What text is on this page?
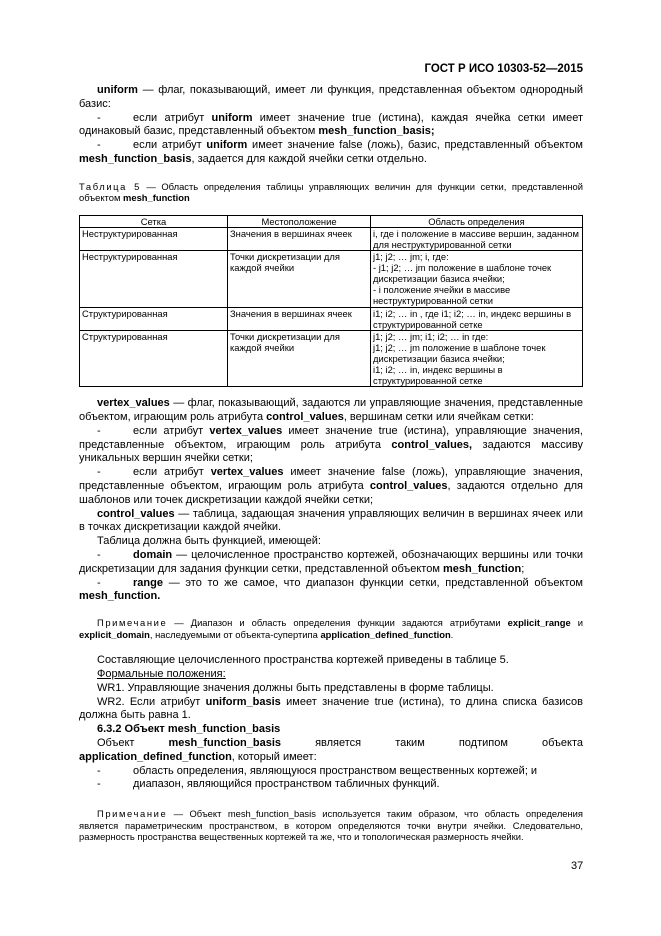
ГОСТ Р ИСО 10303-52—2015

uniform — флаг, показывающий, имеет ли функция, представленная объектом однородный базис:

-	если атрибут uniform имеет значение true (истина), каждая ячейка сетки имеет одинаковый базис, представленный объектом mesh_function_basis;

-	если атрибут uniform имеет значение false (ложь), базис, представленный объектом mesh_function_basis, задается для каждой ячейки сетки отдельно.

Таблица 5 — Область определения таблицы управляющих величин для функции сетки, представленной объектом mesh_function

Сетка	Местоположение	Область определения
Неструктурированная	Значения в вершинах ячеек	i, где i положение в массиве вершин, заданном для неструктурированной сетки

Неструктурированная	Точки дискретизации для каждой ячейки	j1; j2; … jm; i, где:
- j1; j2; … jm положение в шаблоне точек дискретизации базиса ячейки;
- i положение ячейки в массиве неструктурированной сетки

Структурированная	Значения в вершинах ячеек	i1; i2; … in , где i1; i2; … in, индекс вершины в структурированной сетке

Структурированная	Точки дискретизации для каждой ячейки	j1; j2; … jm; i1; i2; … in где:
j1; j2; … jm положение в шаблоне точек дискретизации базиса ячейки;
i1; i2; … in, индекс вершины в структурированной сетке

vertex_values — флаг, показывающий, задаются ли управляющие значения, представленные объектом, играющим роль атрибута control_values, вершинам сетки или ячейкам сетки:

-	если атрибут vertex_values имеет значение true (истина), управляющие значения, представленные объектом, играющим роль атрибута control_values, задаются массиву уникальных вершин ячейки сетки;

-	если атрибут vertex_values имеет значение false (ложь), управляющие значения, представленные объектом, играющим роль атрибута control_values, задаются отдельно для шаблонов или точек дискретизации каждой ячейки сетки;

control_values — таблица, задающая значения управляющих величин в вершинах ячеек или в точках дискретизации каждой ячейки.

Таблица должна быть функцией, имеющей:

-	domain — целочисленное пространство кортежей, обозначающих вершины или точки дискретизации для задания функции сетки, представленной объектом mesh_function;

-	range — это то же самое, что диапазон функции сетки, представленной объектом mesh_function.

Примечание — Диапазон и область определения функции задаются атрибутами explicit_range и explicit_domain, наследуемыми от объекта-супертипа application_defined_function.

Составляющие целочисленного пространства кортежей приведены в таблице 5.

Формальные положения:

WR1. Управляющие значения должны быть представлены в форме таблицы.

WR2. Если атрибут uniform_basis имеет значение true (истина), то длина списка базисов должна быть равна 1.

6.3.2 Объект mesh_function_basis

Объект mesh_function_basis является таким подтипом объекта application_defined_function, который имеет:

-	область определения, являющуюся пространством вещественных кортежей; и

-	диапазон, являющийся пространством табличных функций.

Примечание — Объект mesh_function_basis используется таким образом, что область определения является параметрическим пространством, в котором определяются точки внутри ячейки. Следовательно, размерность пространства вещественных кортежей та же, что и топологическая размерность ячейки.

37
